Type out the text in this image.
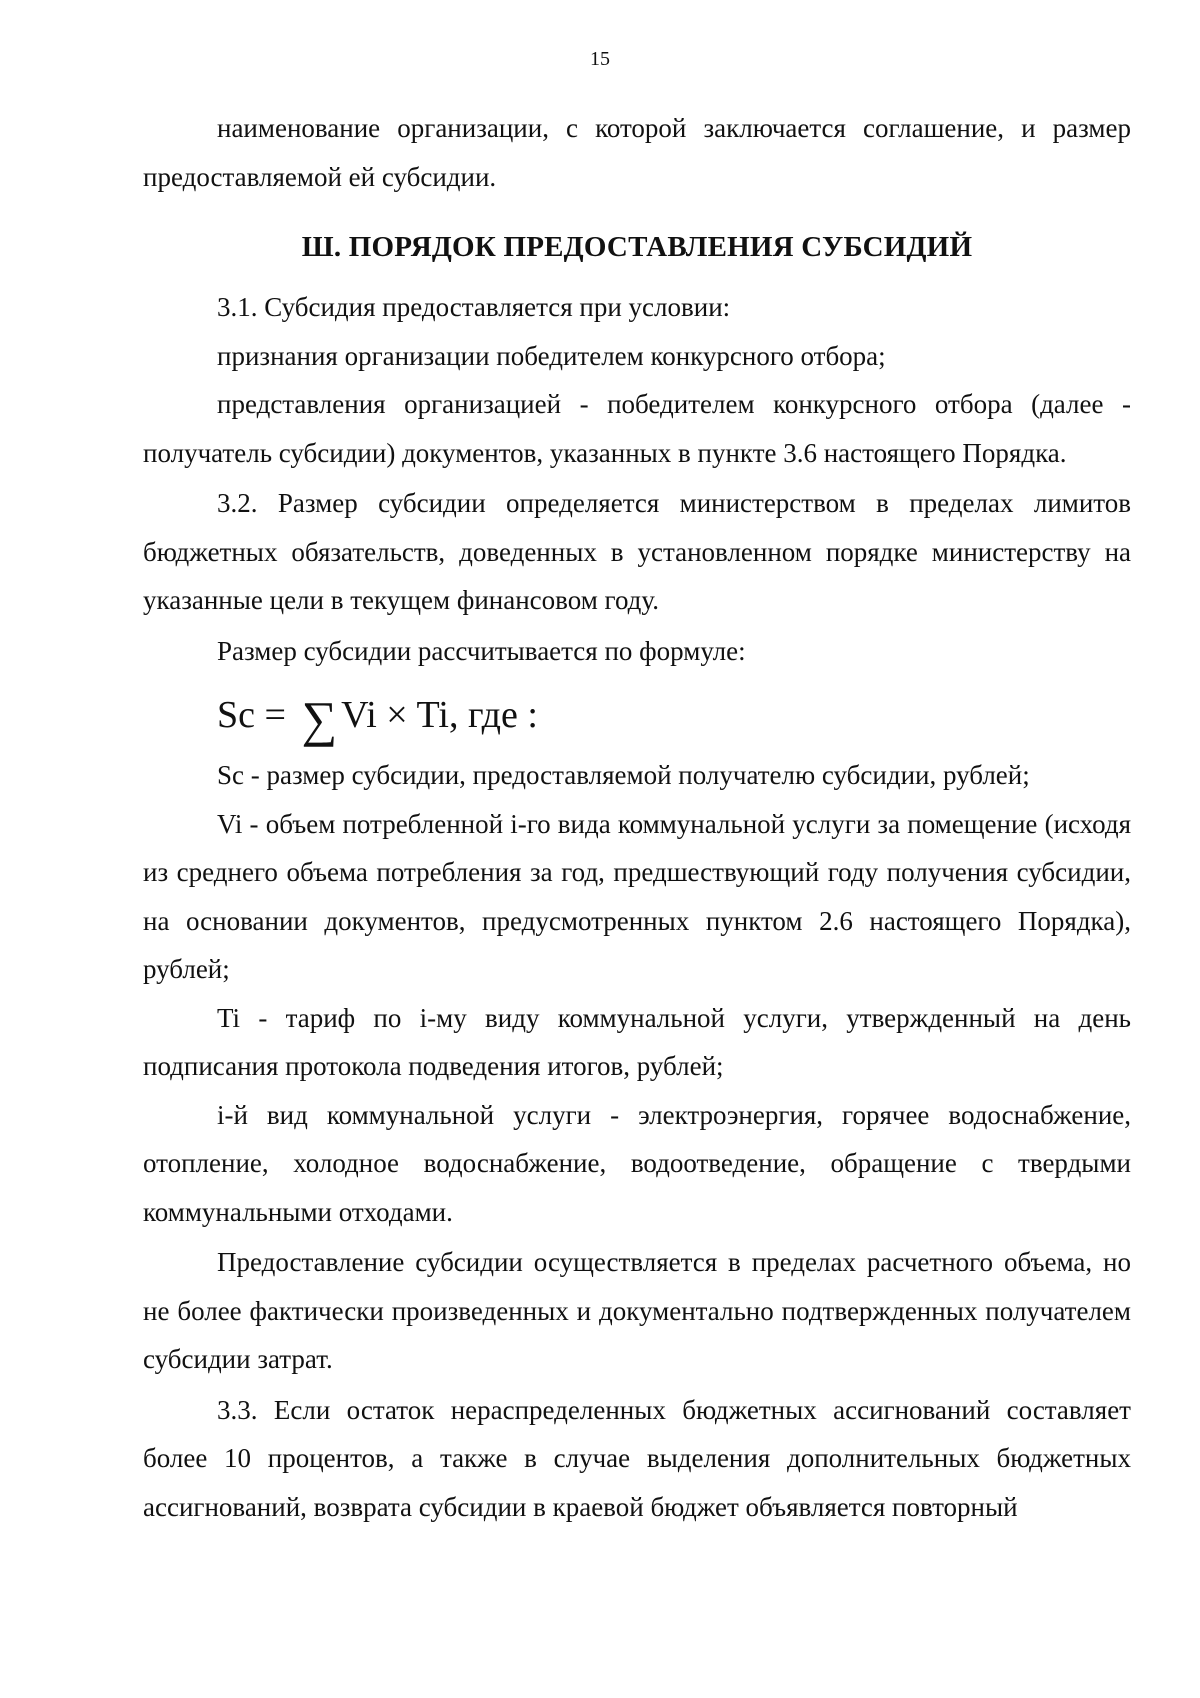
15

наименование организации, с которой заключается соглашение, и размер предоставляемой ей субсидии.

Ш. ПОРЯДОК ПРЕДОСТАВЛЕНИЯ СУБСИДИЙ

3.1. Субсидия предоставляется при условии:

признания организации победителем конкурсного отбора;

представления организацией - победителем конкурсного отбора (далее - получатель субсидии) документов, указанных в пункте 3.6 настоящего Порядка.

3.2. Размер субсидии определяется министерством в пределах лимитов бюджетных обязательств, доведенных в установленном порядке министерству на указанные цели в текущем финансовом году.

Размер субсидии рассчитывается по формуле:

Sc = ∑ Vi × Ti, где :

Sc - размер субсидии, предоставляемой получателю субсидии, рублей;

Vi - объем потребленной i-го вида коммунальной услуги за помещение (исходя из среднего объема потребления за год, предшествующий году получения субсидии, на основании документов, предусмотренных пунктом 2.6 настоящего Порядка), рублей;

Ti - тариф по i-му виду коммунальной услуги, утвержденный на день подписания протокола подведения итогов, рублей;

i-й вид коммунальной услуги - электроэнергия, горячее водоснабжение, отопление, холодное водоснабжение, водоотведение, обращение с твердыми коммунальными отходами.

Предоставление субсидии осуществляется в пределах расчетного объема, но не более фактически произведенных и документально подтвержденных получателем субсидии затрат.

3.3. Если остаток нераспределенных бюджетных ассигнований составляет более 10 процентов, а также в случае выделения дополнительных бюджетных ассигнований, возврата субсидии в краевой бюджет объявляется повторный
